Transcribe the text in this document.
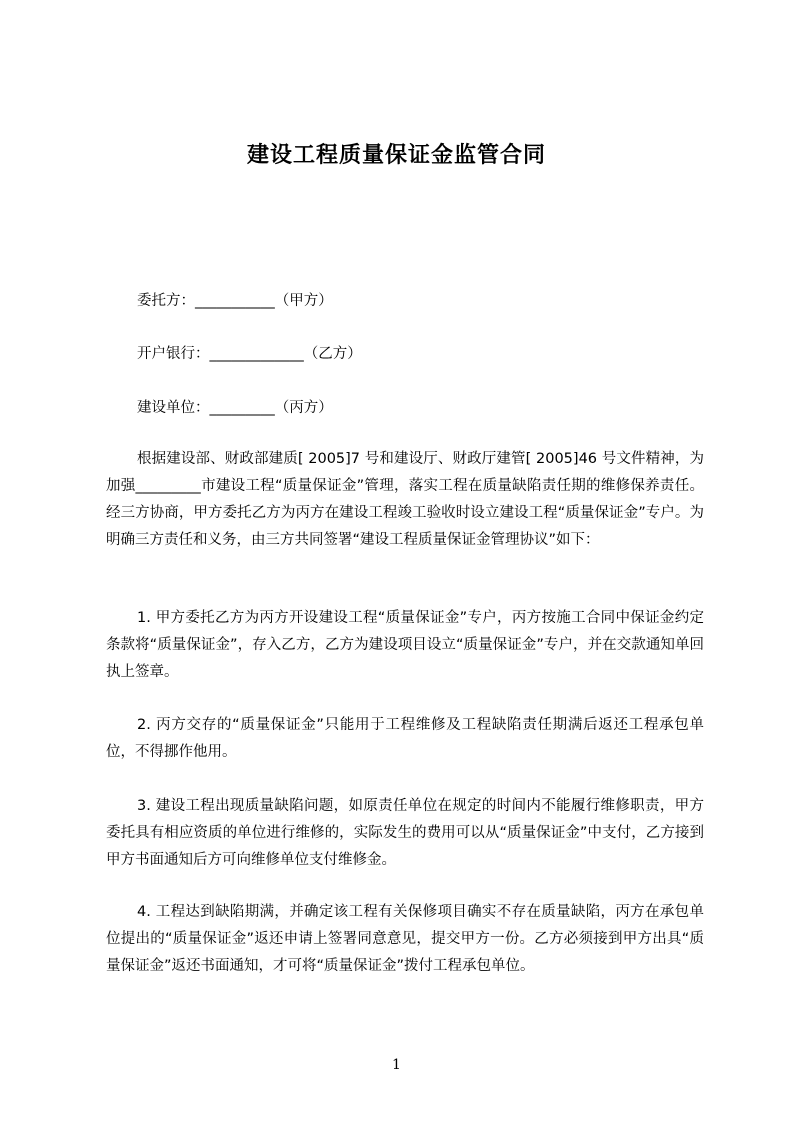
建设工程质量保证金监管合同
委托方：___________（甲方）
开户银行：_____________（乙方）
建设单位：_________（丙方）
根据建设部、财政部建质[ 2005]7 号和建设厅、财政厅建管[ 2005]46 号文件精神，为加强_________市建设工程“质量保证金”管理，落实工程在质量缺陷责任期的维修保养责任。经三方协商，甲方委托乙方为丙方在建设工程竣工验收时设立建设工程“质量保证金”专户。为明确三方责任和义务，由三方共同签署“建设工程质量保证金管理协议”如下：
1. 甲方委托乙方为丙方开设建设工程“质量保证金”专户，丙方按施工合同中保证金约定条款将“质量保证金”，存入乙方，乙方为建设项目设立“质量保证金”专户，并在交款通知单回执上签章。
2. 丙方交存的“质量保证金”只能用于工程维修及工程缺陷责任期满后返还工程承包单位，不得挪作他用。
3. 建设工程出现质量缺陷问题，如原责任单位在规定的时间内不能履行维修职责，甲方委托具有相应资质的单位进行维修的，实际发生的费用可以从“质量保证金”中支付，乙方接到甲方书面通知后方可向维修单位支付维修金。
4. 工程达到缺陷期满，并确定该工程有关保修项目确实不存在质量缺陷，丙方在承包单位提出的“质量保证金”返还申请上签署同意意见，提交甲方一份。乙方必须接到甲方出具“质量保证金”返还书面通知，才可将“质量保证金”拨付工程承包单位。
1
